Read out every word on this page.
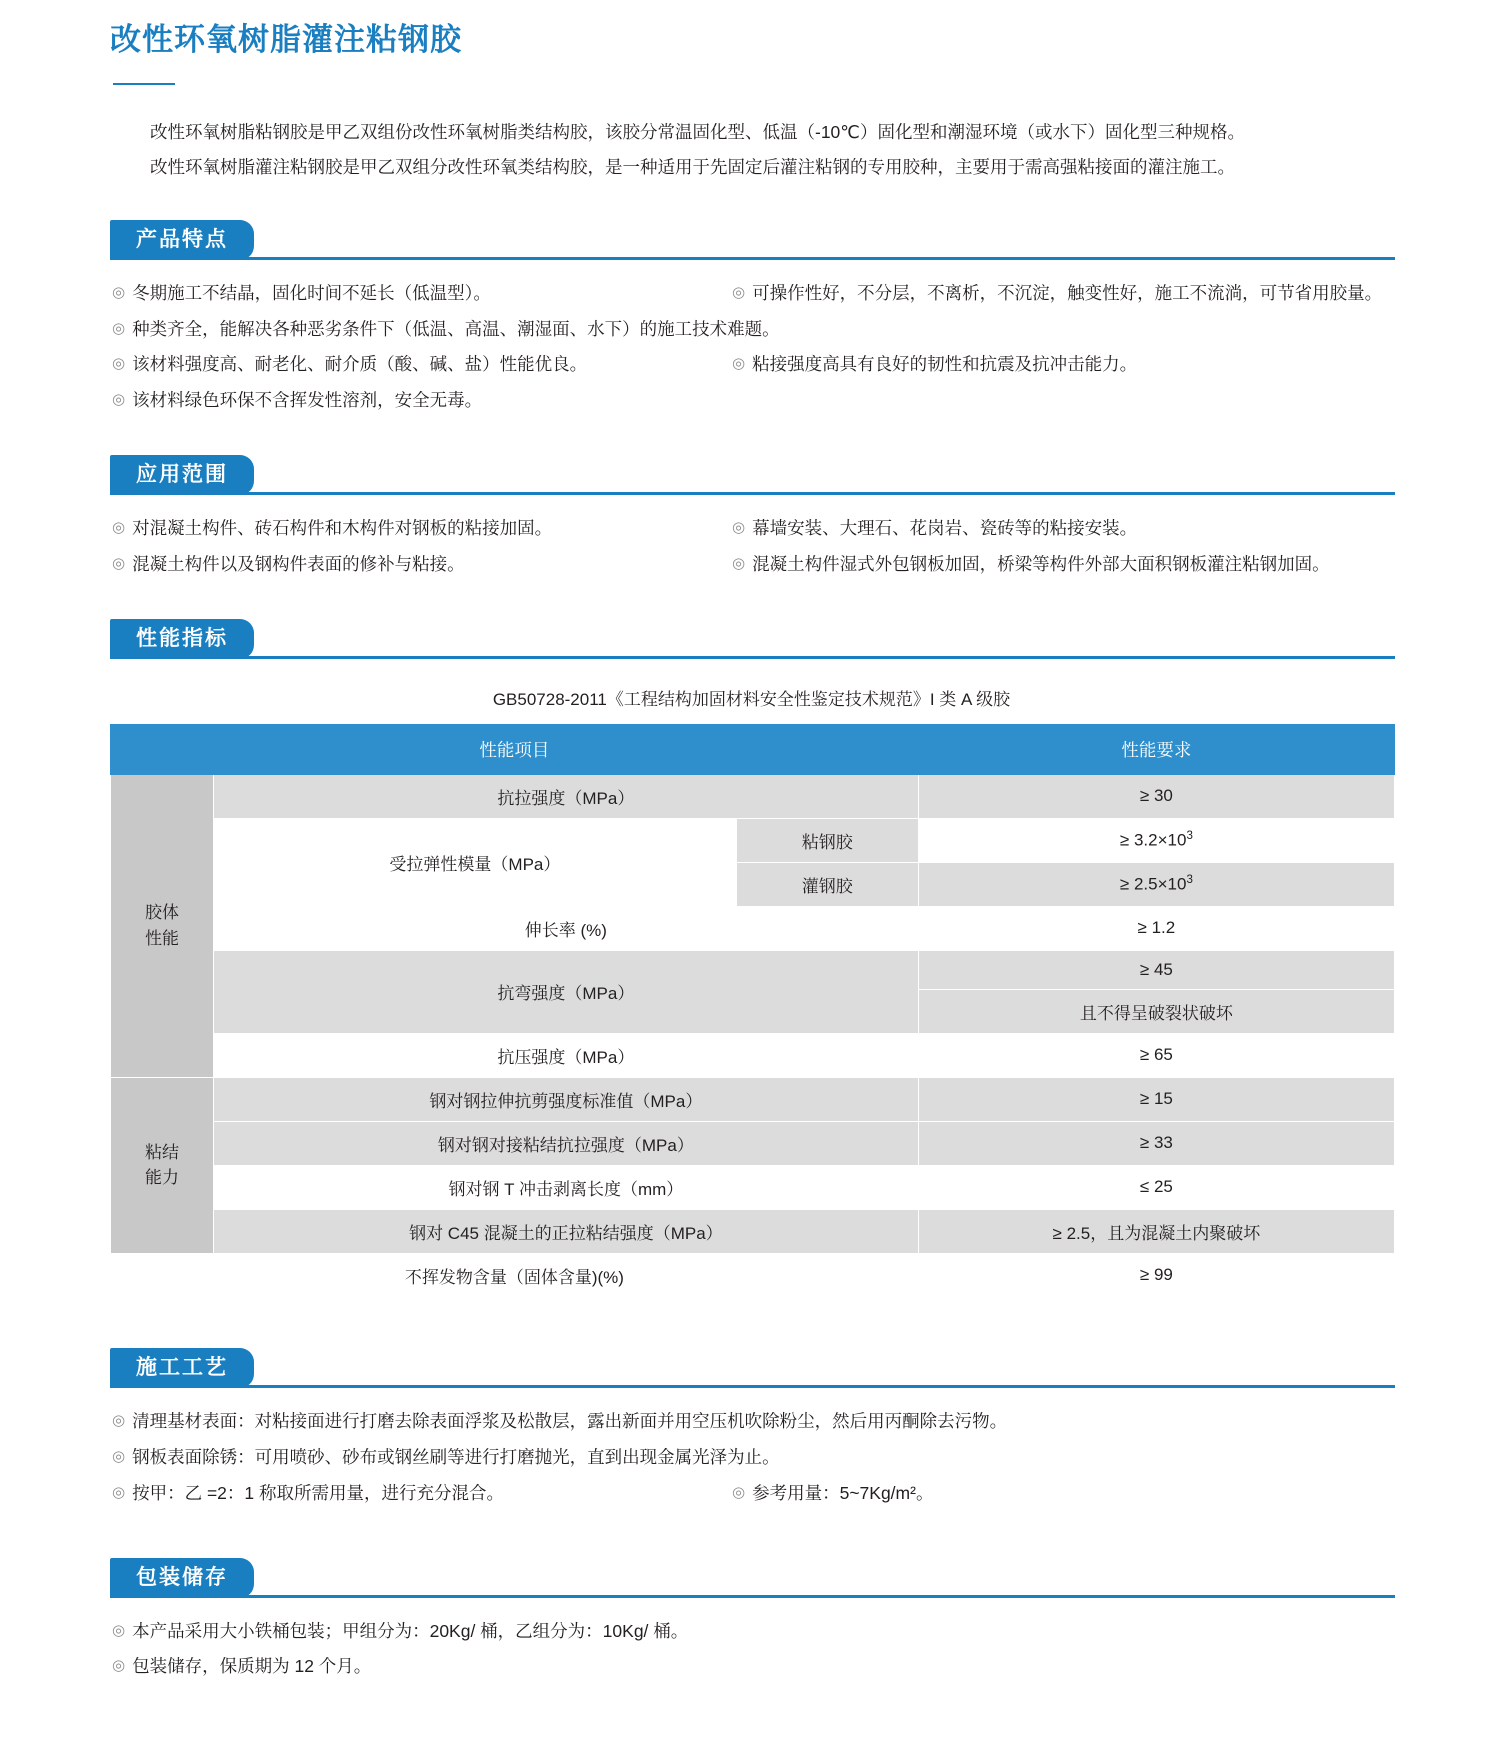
改性环氧树脂灌注粘钢胶

改性环氧树脂粘钢胶是甲乙双组份改性环氧树脂类结构胶，该胶分常温固化型、低温（-10℃）固化型和潮湿环境（或水下）固化型三种规格。

改性环氧树脂灌注粘钢胶是甲乙双组分改性环氧类结构胶，是一种适用于先固定后灌注粘钢的专用胶种，主要用于需高强粘接面的灌注施工。

产品特点
◎ 冬期施工不结晶，固化时间不延长（低温型）。	◎ 可操作性好，不分层，不离析，不沉淀，触变性好，施工不流淌，可节省用胶量。
◎ 种类齐全，能解决各种恶劣条件下（低温、高温、潮湿面、水下）的施工技术难题。
◎ 该材料强度高、耐老化、耐介质（酸、碱、盐）性能优良。	◎ 粘接强度高具有良好的韧性和抗震及抗冲击能力。
◎ 该材料绿色环保不含挥发性溶剂，安全无毒。
应用范围
◎ 对混凝土构件、砖石构件和木构件对钢板的粘接加固。	◎ 幕墙安装、大理石、花岗岩、瓷砖等的粘接安装。
◎ 混凝土构件以及钢构件表面的修补与粘接。	◎ 混凝土构件湿式外包钢板加固，桥梁等构件外部大面积钢板灌注粘钢加固。
性能指标
GB50728-2011《工程结构加固材料安全性鉴定技术规范》I 类 A 级胶
性能项目			性能要求

胶体
性能	抗拉强度（MPa）		≥ 30
	受拉弹性模量（MPa）	粘钢胶	≥ $3.2\times 10^3$
		灌钢胶	≥ $2.5\times 10^3$
	伸长率 (%)		≥ 1.2
	抗弯强度（MPa）		≥ 45
			且不得呈破裂状破坏
	抗压强度（MPa）		≥ 65

粘结
能力	钢对钢拉伸抗剪强度标准值（MPa）		≥ 15
	钢对钢对接粘结抗拉强度（MPa）		≥ 33
	钢对钢 T 冲击剥离长度（mm）		≤ 25
	钢对 C45 混凝土的正拉粘结强度（MPa）		≥ 2.5，且为混凝土内聚破坏
不挥发物含量（固体含量)(%)			≥ 99
施工工艺
◎ 清理基材表面：对粘接面进行打磨去除表面浮浆及松散层，露出新面并用空压机吹除粉尘，然后用丙酮除去污物。
◎ 钢板表面除锈：可用喷砂、砂布或钢丝刷等进行打磨抛光，直到出现金属光泽为止。
◎ 按甲：乙 =2：1 称取所需用量，进行充分混合。	◎ 参考用量：5~7Kg/m²。
包装储存
◎ 本产品采用大小铁桶包装；甲组分为：20Kg/ 桶，乙组分为：10Kg/ 桶。
◎ 包装储存，保质期为 12 个月。
